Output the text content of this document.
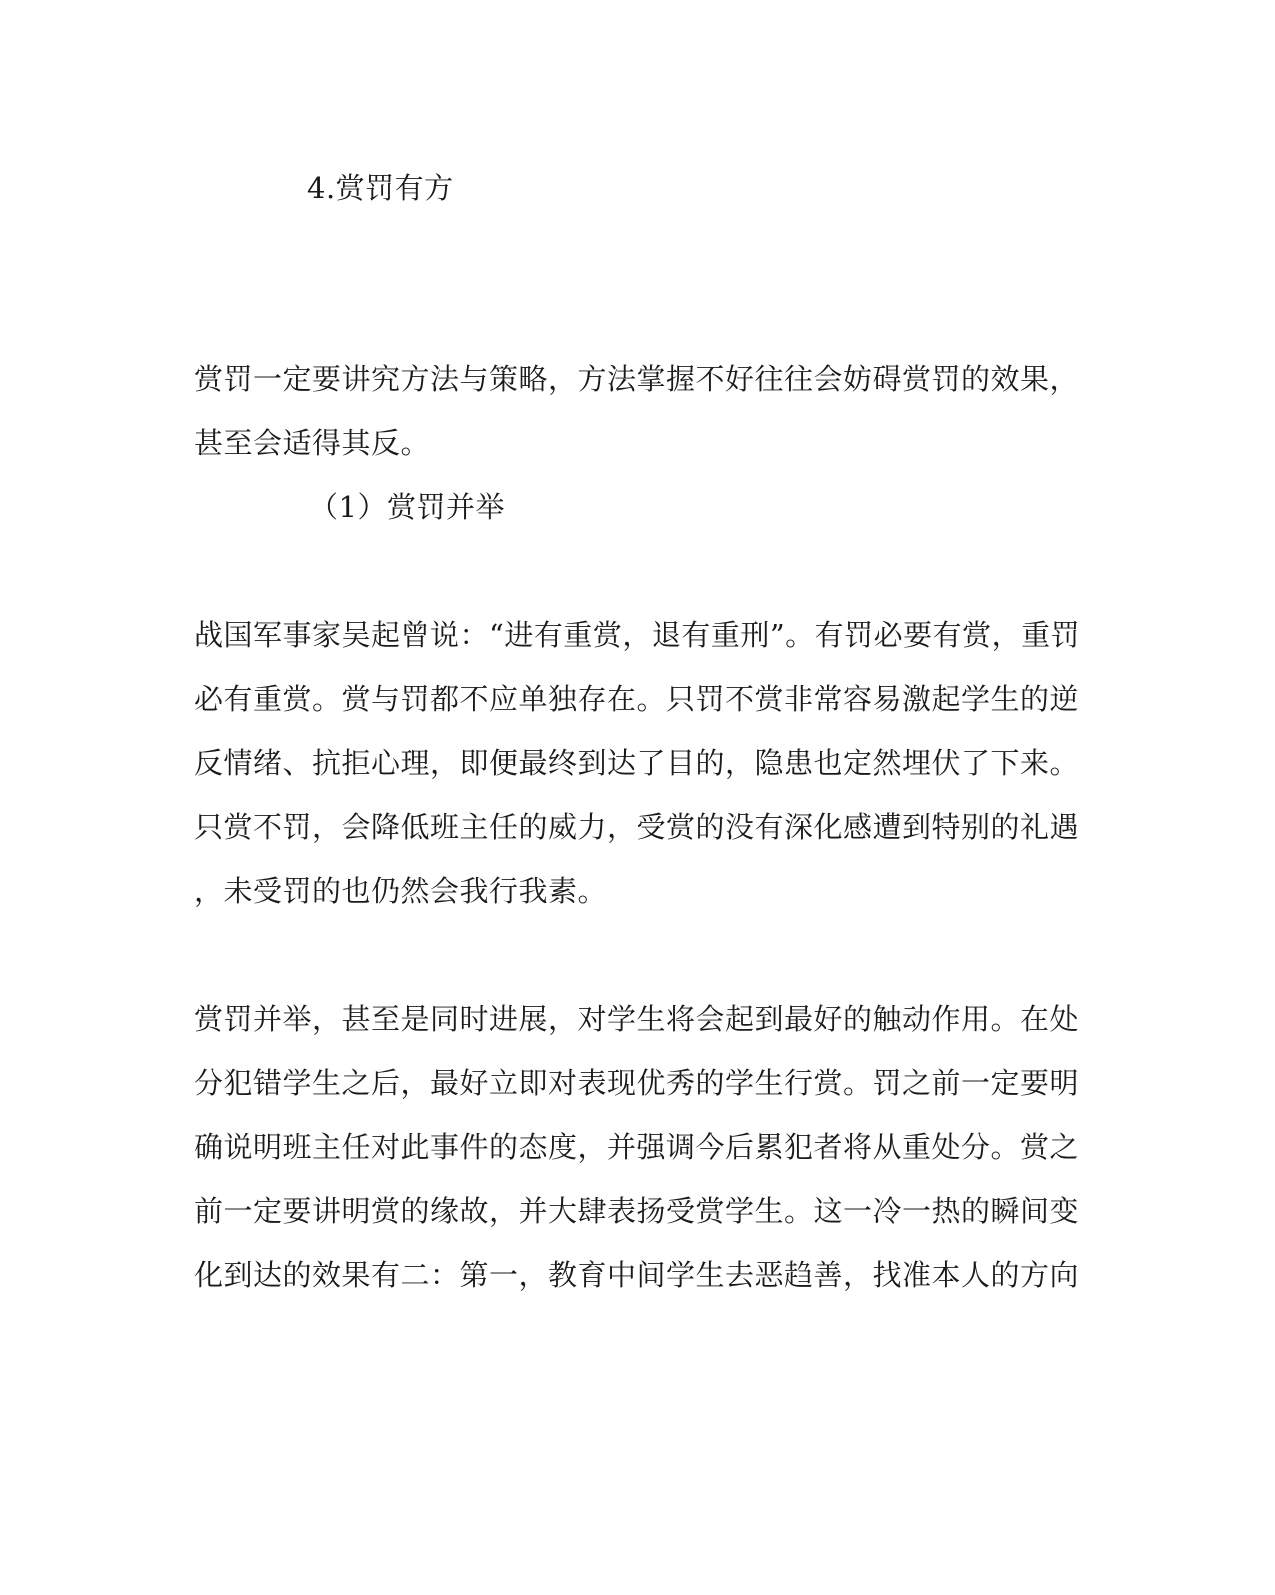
4.赏罚有方
赏罚一定要讲究方法与策略，方法掌握不好往往会妨碍赏罚的效果，
甚至会适得其反。
（1）赏罚并举
战国军事家吴起曾说：“进有重赏，退有重刑”。有罚必要有赏，重罚
必有重赏。赏与罚都不应单独存在。只罚不赏非常容易激起学生的逆
反情绪、抗拒心理，即便最终到达了目的，隐患也定然埋伏了下来。
只赏不罚，会降低班主任的威力，受赏的没有深化感遭到特别的礼遇
，未受罚的也仍然会我行我素。
赏罚并举，甚至是同时进展，对学生将会起到最好的触动作用。在处
分犯错学生之后，最好立即对表现优秀的学生行赏。罚之前一定要明
确说明班主任对此事件的态度，并强调今后累犯者将从重处分。赏之
前一定要讲明赏的缘故，并大肆表扬受赏学生。这一冷一热的瞬间变
化到达的效果有二：第一，教育中间学生去恶趋善，找准本人的方向
